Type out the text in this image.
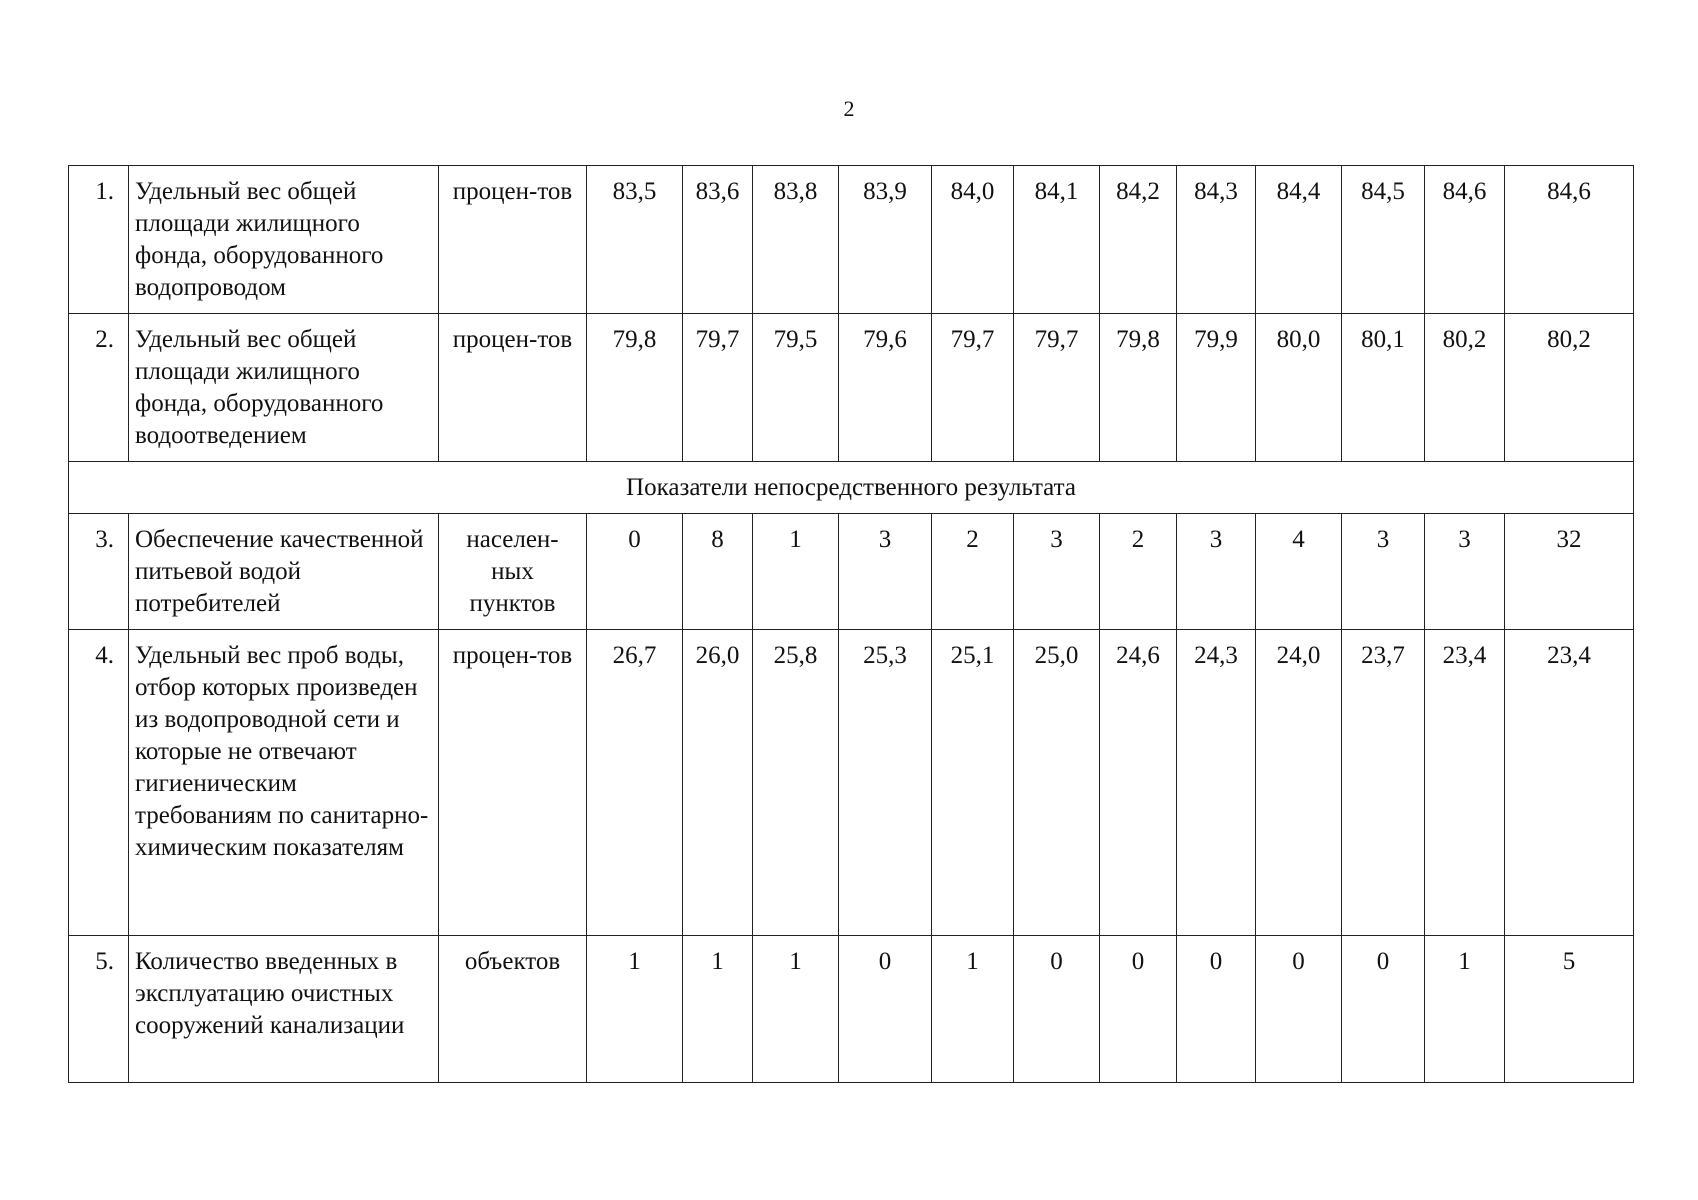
2
1.	Удельный вес общей площади жилищного фонда, оборудованного водопроводом	процен-тов	83,5	83,6	83,8	83,9	84,0	84,1	84,2	84,3	84,4	84,5	84,6	84,6
2.	Удельный вес общей площади жилищного фонда, оборудованного водоотведением	процен-тов	79,8	79,7	79,5	79,6	79,7	79,7	79,8	79,9	80,0	80,1	80,2	80,2
Показатели непосредственного результата														
3.	Обеспечение качественной питьевой водой потребителей	населен-ных пунктов	0	8	1	3	2	3	2	3	4	3	3	32
4.	Удельный вес проб воды, отбор которых произведен из водопроводной сети и которые не отвечают гигиеническим требованиям по санитарно-химическим показателям	процен-тов	26,7	26,0	25,8	25,3	25,1	25,0	24,6	24,3	24,0	23,7	23,4	23,4
5.	Количество введенных в эксплуатацию очистных сооружений канализации	объектов	1	1	1	0	1	0	0	0	0	0	1	5
